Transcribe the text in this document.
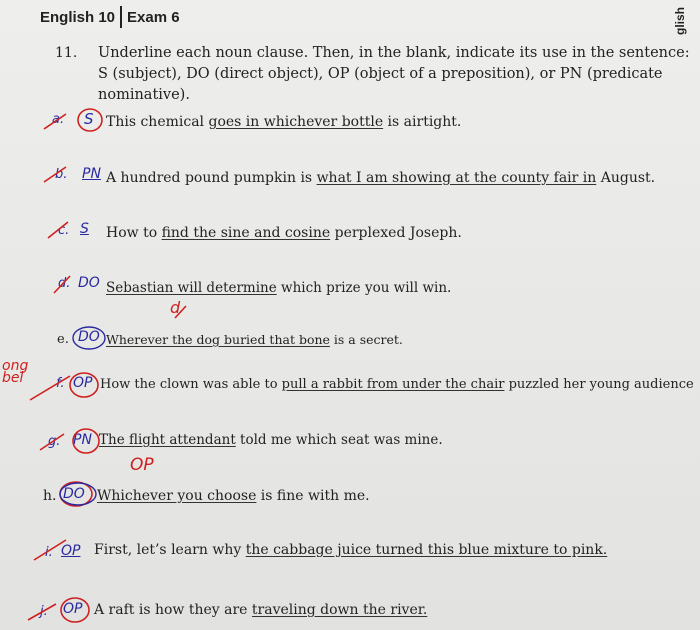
English 10 Exam 6	glish
11. Underline each noun clause. Then, in the blank, indicate its use in the sentence:
S (subject), DO (direct object), OP (object of a preposition), or PN (predicate nominative).
a. S This chemical goes in whichever bottle is airtight.
b. PN A hundred pound pumpkin is what I am showing at the county fair in August.
c. S How to find the sine and cosine perplexed Joseph.
d. DO Sebastian will determine which prize you will win.
d
e. DO Wherever the dog buried that bone is a secret.
ong bel	f. OP How the clown was able to pull a rabbit from under the chair puzzled her young audience
g. PN The flight attendant told me which seat was mine.
OP
h. DO Whichever you choose is fine with me.
i. OP First, let’s learn why the cabbage juice turned this blue mixture to pink.
j. OP A raft is how they are traveling down the river.
